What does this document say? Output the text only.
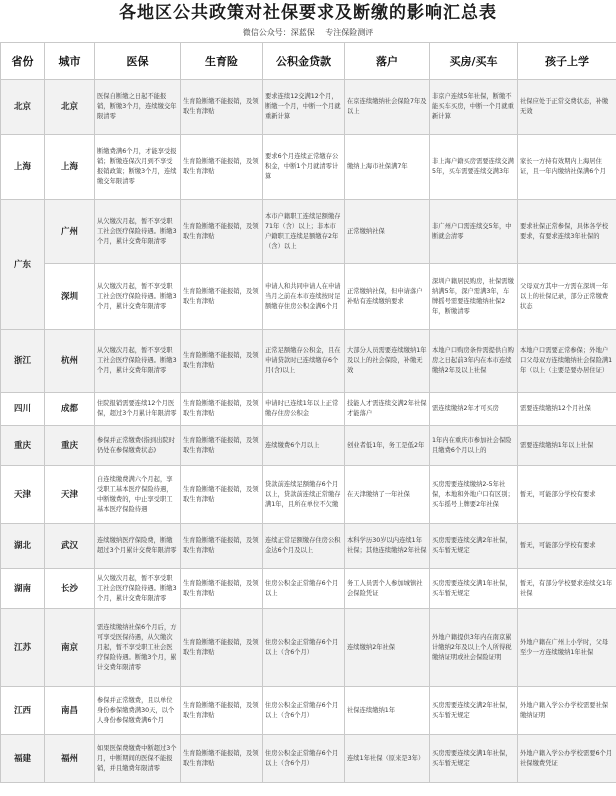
各地区公共政策对社保要求及断缴的影响汇总表
微信公众号：深蓝保 专注保险测评
省份	城市	医保	生育险	公积金贷款	落户	买房/买车	孩子上学
北京	北京	医保自断缴之日起不能报销，断缴3个月，连续缴交年限清零	生育险断缴不能报销，及领取生育津贴	要求连续12交满12个月，断缴一个月，中断一个月就重新计算	在京连续缴纳社会保险7年及以上	非京户连续5年社保，断缴不能买车买房，中断一个月就重新计算	社保应处于正常交费状态，补缴无效

上海	上海	断缴费满6个月，才能享受报销；断缴连保次月到不享受报销政策；断缴3个月，连续缴交年限清零	生育险断缴不能报销，及领取生育津贴	要求6个月连续正常缴存公积金，中断1个月就清零计算	缴纳上海市社保满7年	非上海户籍买房需要连续交满5年，买车需要连续交满3年	家长一方持有效期内上海居住证，且一年内缴纳社保满6个月

广东	广州	从欠缴次月起，暂不享受职工社会医疗保险待遇。断缴3个月，累计交费年限清零	生育险断缴不能报销，及领取生育津贴	本市户籍职工连续足额缴存71年（含）以上；非本市户籍职工连续足额缴存2年（含）以上	正常缴纳社保	非广州户口需连续交5年，中断就会清零	要求社保正常参保，具体各学校要求，有要求连续3年社保的

	深圳	从欠缴次月起，暂不享受职工社会医疗保险待遇。断缴3个月，累计交费年限清零	生育险断缴不能报销，及领取生育津贴	申请人和共同申请人在申请当月之前在本市连续按时足额缴存住房公积金满6个月	正常缴纳社保，但申请落户补贴有连续缴纳要求	深圳户籍居民购房，社保需缴纳满5年，深户需满3年，车牌摇号需要连续缴纳社保2年，断缴清零	父母双方其中一方需在深圳一年以上的社保记录，部分正常缴费状态

浙江	杭州	从欠缴次月起，暂不享受职工社会医疗保险待遇。断缴3个月，累计交费年限清零	生育险断缴不能报销，及领取生育津贴	正常足额缴存公积金，且在申请贷款时已连续缴存6个月(含)以上	大部分人员需要连续缴纳1年及以上的社会保险，补缴无效	本地户口购房条件需提供自购房之日起前3年内在本市连续缴纳2年及以上社保	本地户口需要正常参保；外地户口父母双方连续缴纳社会保险满1年（以上（主要是要办居住证）

四川	成都	住院报销需要连续12个月医保，超过3个月累计年限清零	生育险断缴不能报销，及领取生育津贴	申请时已连续1年以上正常缴存住房公积金	技能人才需连续交满2年社保才能落户	需连续缴纳2年才可买房	需要连续缴纳12个月社保

重庆	重庆	参保并正常缴费(指到出院时仍处在参保缴费状态)	生育险断缴不能报销，及领取生育津贴	连续缴费6个月以上	创业者低1年，务工是低2年	1年内在重庆市参加社会保险且缴费6个月以上的	需要连续缴纳1年以上社保

天津	天津	自连续缴费满六个月起，享受职工基本医疗保险待遇，中断缴费的，中止享受职工基本医疗保险待遇	生育险断缴不能报销，及领取生育津贴	贷款前连续足额缴存6个月以上，贷款前连续正常缴存满1年，且所在单位不欠缴	在天津缴纳了一年社保	买房需要连续缴纳2-5年社保，本地和外地户口有区别；买车摇号上牌要2年社保	暂无，可能部分学校有要求

湖北	武汉	连续缴纳医疗保险费，断缴超过3个月累计交费年限清零	生育险断缴不能报销，及领取生育津贴	连续正常足额缴存住房公积金达6个月及以上	本科学历30岁以内连续1年社保；其他连续缴纳2年社保	买房需要连续交满2年社保，买车暂无规定	暂无，可能部分学校有要求

湖南	长沙	从欠缴次月起，暂不享受职工社会医疗保险待遇。断缴3个月，累计交费年限清零	生育险断缴不能报销，及领取生育津贴	住房公积金正常缴存6个月以上	务工人员需个人参加城镇社会保险凭证	买房需要连续交满1年社保，买车暂无规定	暂无，有部分学校要求连续交1年社保

江苏	南京	需连续缴纳社保6个月后，方可享受医保待遇，从欠缴次月起，暂不享受职工社会医疗保险待遇。断缴3个月，累计交费年限清零	生育险断缴不能报销，及领取生育津贴	住房公积金正常缴存6个月以上（含6个月）	连续缴纳2年社保	外地户籍提供3年内在南京累计缴纳2年及以上个人所得税缴纳证明或社会保险证明	外地户籍在广州上小学时，父母至少一方连续缴纳1年社保

江西	南昌	参保并正常缴费，且以单位身份参保缴费满30天，以个人身份参保缴费满6个月	生育险断缴不能报销，及领取生育津贴	住房公积金正常缴存6个月以上（含6个月）	社保连续缴纳1年	买房需要连续交满2年社保，买车暂无规定	外地户籍入学公办学校需要社保缴纳证明

福建	福州	如果医保费缴费中断超过3个月，中断期间的医保不能报销，并且缴费年限清零	生育险断缴不能报销，及领取生育津贴	住房公积金正常缴存6个月以上（含6个月）	连续1年社保（原来是3年）	买房需要连续交满1年社保，买车暂无规定	外地户籍入学公办学校需要6个月社保缴费凭证
